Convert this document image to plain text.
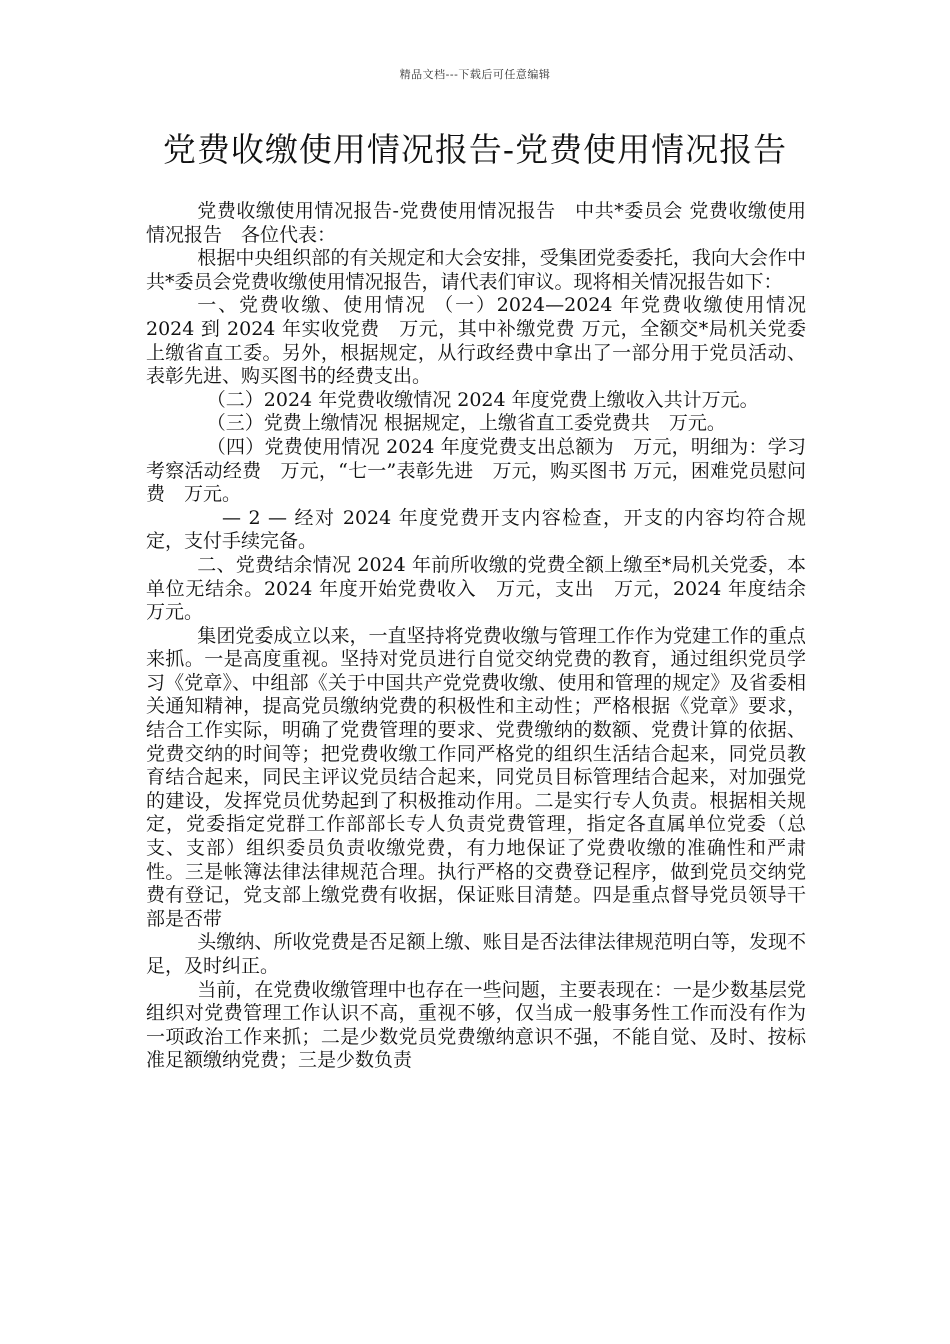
精品文档---下载后可任意编辑
党费收缴使用情况报告-党费使用情况报告

党费收缴使用情况报告-党费使用情况报告　中共*委员会 党费收缴使用情况报告　各位代表：

根据中央组织部的有关规定和大会安排，受集团党委委托，我向大会作中共*委员会党费收缴使用情况报告，请代表们审议。现将相关情况报告如下：

一、党费收缴、使用情况 （一）2024—2024 年党费收缴使用情况 2024 到 2024 年实收党费　万元，其中补缴党费 万元，全额交*局机关党委上缴省直工委。另外，根据规定，从行政经费中拿出了一部分用于党员活动、表彰先进、购买图书的经费支出。

（二）2024 年党费收缴情况 2024 年度党费上缴收入共计万元。

（三）党费上缴情况 根据规定，上缴省直工委党费共　万元。

（四）党费使用情况 2024 年度党费支出总额为　万元，明细为：学习考察活动经费　万元，“七一”表彰先进　万元，购买图书 万元，困难党员慰问费　万元。

— 2 — 经对 2024 年度党费开支内容检查，开支的内容均符合规定，支付手续完备。

二、党费结余情况 2024 年前所收缴的党费全额上缴至*局机关党委，本单位无结余。2024 年度开始党费收入　万元，支出　万元，2024 年度结余　万元。

集团党委成立以来，一直坚持将党费收缴与管理工作作为党建工作的重点来抓。一是高度重视。坚持对党员进行自觉交纳党费的教育，通过组织党员学习《党章》、中组部《关于中国共产党党费收缴、使用和管理的规定》及省委相关通知精神，提高党员缴纳党费的积极性和主动性；严格根据《党章》要求，结合工作实际，明确了党费管理的要求、党费缴纳的数额、党费计算的依据、党费交纳的时间等；把党费收缴工作同严格党的组织生活结合起来，同党员教育结合起来，同民主评议党员结合起来，同党员目标管理结合起来，对加强党的建设，发挥党员优势起到了积极推动作用。二是实行专人负责。根据相关规定，党委指定党群工作部部长专人负责党费管理，指定各直属单位党委（总支、支部）组织委员负责收缴党费，有力地保证了党费收缴的准确性和严肃性。三是帐簿法律法律规范合理。执行严格的交费登记程序，做到党员交纳党费有登记，党支部上缴党费有收据，保证账目清楚。四是重点督导党员领导干部是否带

头缴纳、所收党费是否足额上缴、账目是否法律法律规范明白等，发现不足，及时纠正。

当前，在党费收缴管理中也存在一些问题，主要表现在：一是少数基层党组织对党费管理工作认识不高，重视不够，仅当成一般事务性工作而没有作为一项政治工作来抓；二是少数党员党费缴纳意识不强，不能自觉、及时、按标准足额缴纳党费；三是少数负责
